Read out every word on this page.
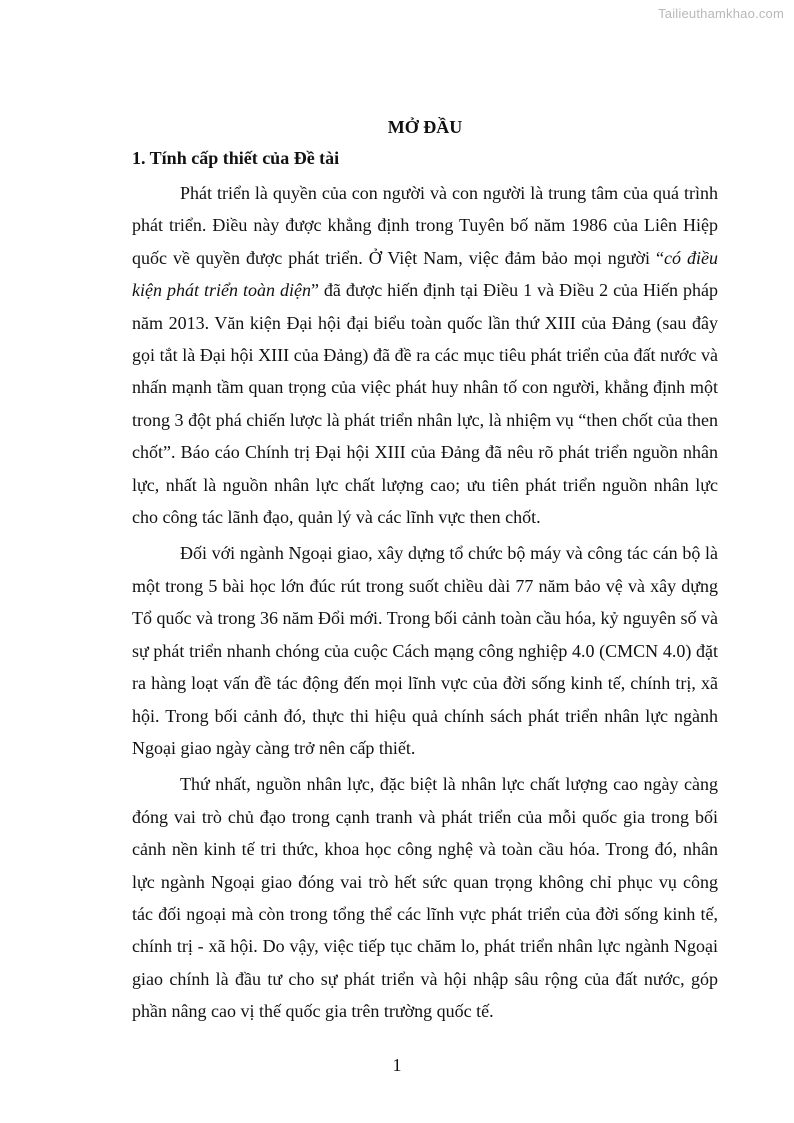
Tailieuthamkhao.com
MỞ ĐẦU
1. Tính cấp thiết của Đề tài

Phát triển là quyền của con người và con người là trung tâm của quá trình phát triển. Điều này được khẳng định trong Tuyên bố năm 1986 của Liên Hiệp quốc về quyền được phát triển. Ở Việt Nam, việc đảm bảo mọi người “có điều kiện phát triển toàn diện” đã được hiến định tại Điều 1 và Điều 2 của Hiến pháp năm 2013. Văn kiện Đại hội đại biểu toàn quốc lần thứ XIII của Đảng (sau đây gọi tắt là Đại hội XIII của Đảng) đã đề ra các mục tiêu phát triển của đất nước và nhấn mạnh tầm quan trọng của việc phát huy nhân tố con người, khẳng định một trong 3 đột phá chiến lược là phát triển nhân lực, là nhiệm vụ “then chốt của then chốt”. Báo cáo Chính trị Đại hội XIII của Đảng đã nêu rõ phát triển nguồn nhân lực, nhất là nguồn nhân lực chất lượng cao; ưu tiên phát triển nguồn nhân lực cho công tác lãnh đạo, quản lý và các lĩnh vực then chốt.

Đối với ngành Ngoại giao, xây dựng tổ chức bộ máy và công tác cán bộ là một trong 5 bài học lớn đúc rút trong suốt chiều dài 77 năm bảo vệ và xây dựng Tổ quốc và trong 36 năm Đổi mới. Trong bối cảnh toàn cầu hóa, kỷ nguyên số và sự phát triển nhanh chóng của cuộc Cách mạng công nghiệp 4.0 (CMCN 4.0) đặt ra hàng loạt vấn đề tác động đến mọi lĩnh vực của đời sống kinh tế, chính trị, xã hội. Trong bối cảnh đó, thực thi hiệu quả chính sách phát triển nhân lực ngành Ngoại giao ngày càng trở nên cấp thiết.

Thứ nhất, nguồn nhân lực, đặc biệt là nhân lực chất lượng cao ngày càng đóng vai trò chủ đạo trong cạnh tranh và phát triển của mỗi quốc gia trong bối cảnh nền kinh tế tri thức, khoa học công nghệ và toàn cầu hóa. Trong đó, nhân lực ngành Ngoại giao đóng vai trò hết sức quan trọng không chỉ phục vụ công tác đối ngoại mà còn trong tổng thể các lĩnh vực phát triển của đời sống kinh tế, chính trị - xã hội. Do vậy, việc tiếp tục chăm lo, phát triển nhân lực ngành Ngoại giao chính là đầu tư cho sự phát triển và hội nhập sâu rộng của đất nước, góp phần nâng cao vị thế quốc gia trên trường quốc tế.

1
